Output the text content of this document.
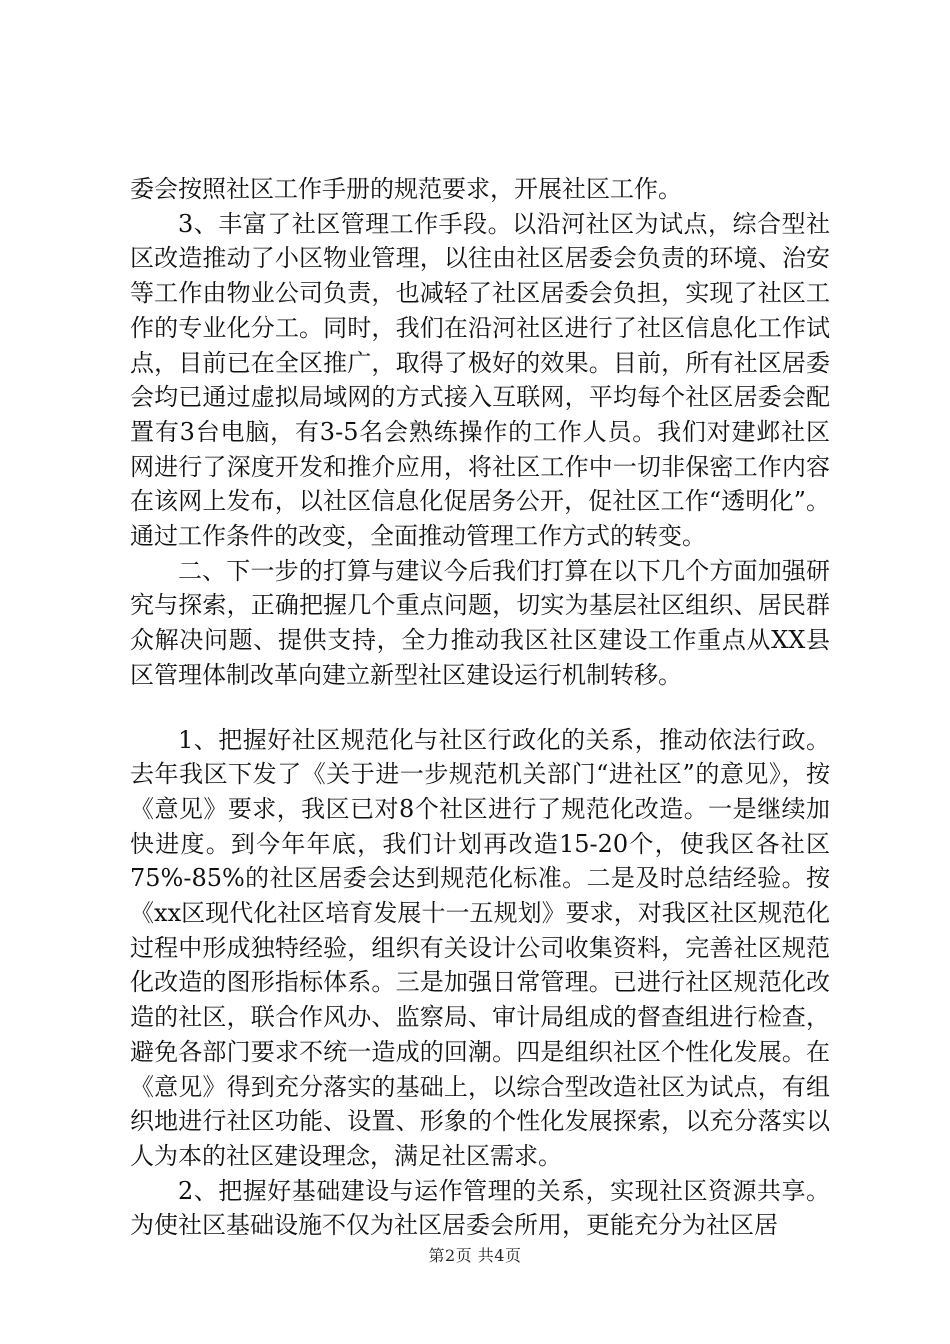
委会按照社区工作手册的规范要求，开展社区工作。

3、丰富了社区管理工作手段。以沿河社区为试点，综合型社区改造推动了小区物业管理，以往由社区居委会负责的环境、治安等工作由物业公司负责，也减轻了社区居委会负担，实现了社区工作的专业化分工。同时，我们在沿河社区进行了社区信息化工作试点，目前已在全区推广，取得了极好的效果。目前，所有社区居委会均已通过虚拟局域网的方式接入互联网，平均每个社区居委会配置有3台电脑，有3-5名会熟练操作的工作人员。我们对建邺社区网进行了深度开发和推介应用，将社区工作中一切非保密工作内容在该网上发布，以社区信息化促居务公开，促社区工作“透明化”。通过工作条件的改变，全面推动管理工作方式的转变。

二、下一步的打算与建议今后我们打算在以下几个方面加强研究与探索，正确把握几个重点问题，切实为基层社区组织、居民群众解决问题、提供支持，全力推动我区社区建设工作重点从XX县区管理体制改革向建立新型社区建设运行机制转移。

1、把握好社区规范化与社区行政化的关系，推动依法行政。去年我区下发了《关于进一步规范机关部门“进社区”的意见》，按《意见》要求，我区已对8个社区进行了规范化改造。一是继续加快进度。到今年年底，我们计划再改造15-20个，使我区各社区75%-85%的社区居委会达到规范化标准。二是及时总结经验。按《xx区现代化社区培育发展十一五规划》要求，对我区社区规范化过程中形成独特经验，组织有关设计公司收集资料，完善社区规范化改造的图形指标体系。三是加强日常管理。已进行社区规范化改造的社区，联合作风办、监察局、审计局组成的督查组进行检查，避免各部门要求不统一造成的回潮。四是组织社区个性化发展。在《意见》得到充分落实的基础上，以综合型改造社区为试点，有组织地进行社区功能、设置、形象的个性化发展探索，以充分落实以人为本的社区建设理念，满足社区需求。

2、把握好基础建设与运作管理的关系，实现社区资源共享。为使社区基础设施不仅为社区居委会所用，更能充分为社区居

第2页 共4页
